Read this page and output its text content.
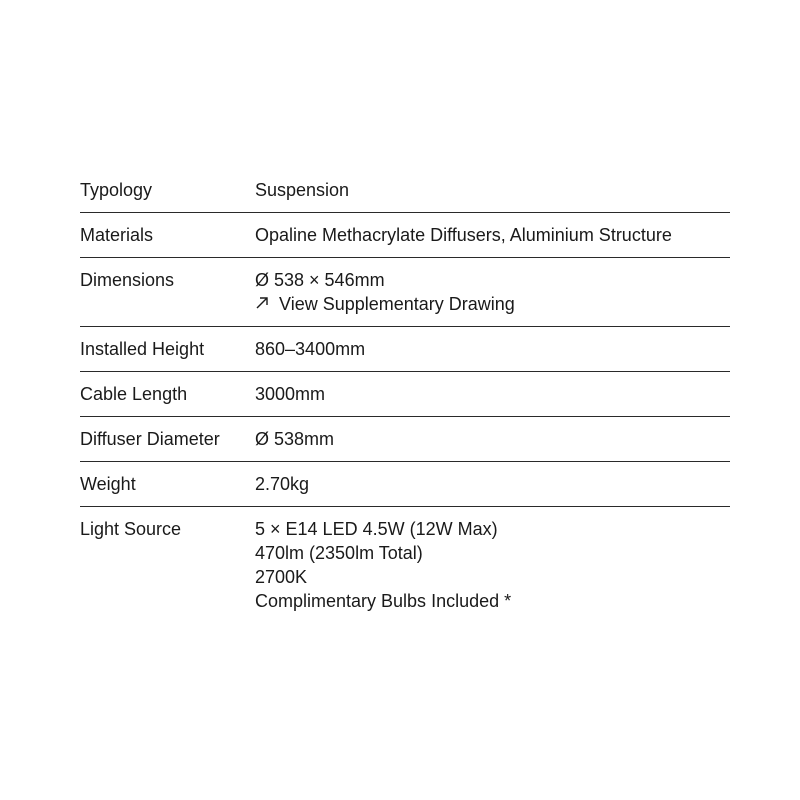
Typology	Suspension
Materials	Opaline Methacrylate Diffusers, Aluminium Structure
Dimensions	Ø 538 × 546mm
View Supplementary Drawing
Installed Height	860–3400mm
Cable Length	3000mm
Diffuser Diameter	Ø 538mm
Weight	2.70kg
Light Source	5 × E14 LED 4.5W (12W Max)
470lm (2350lm Total)
2700K
Complimentary Bulbs Included *
